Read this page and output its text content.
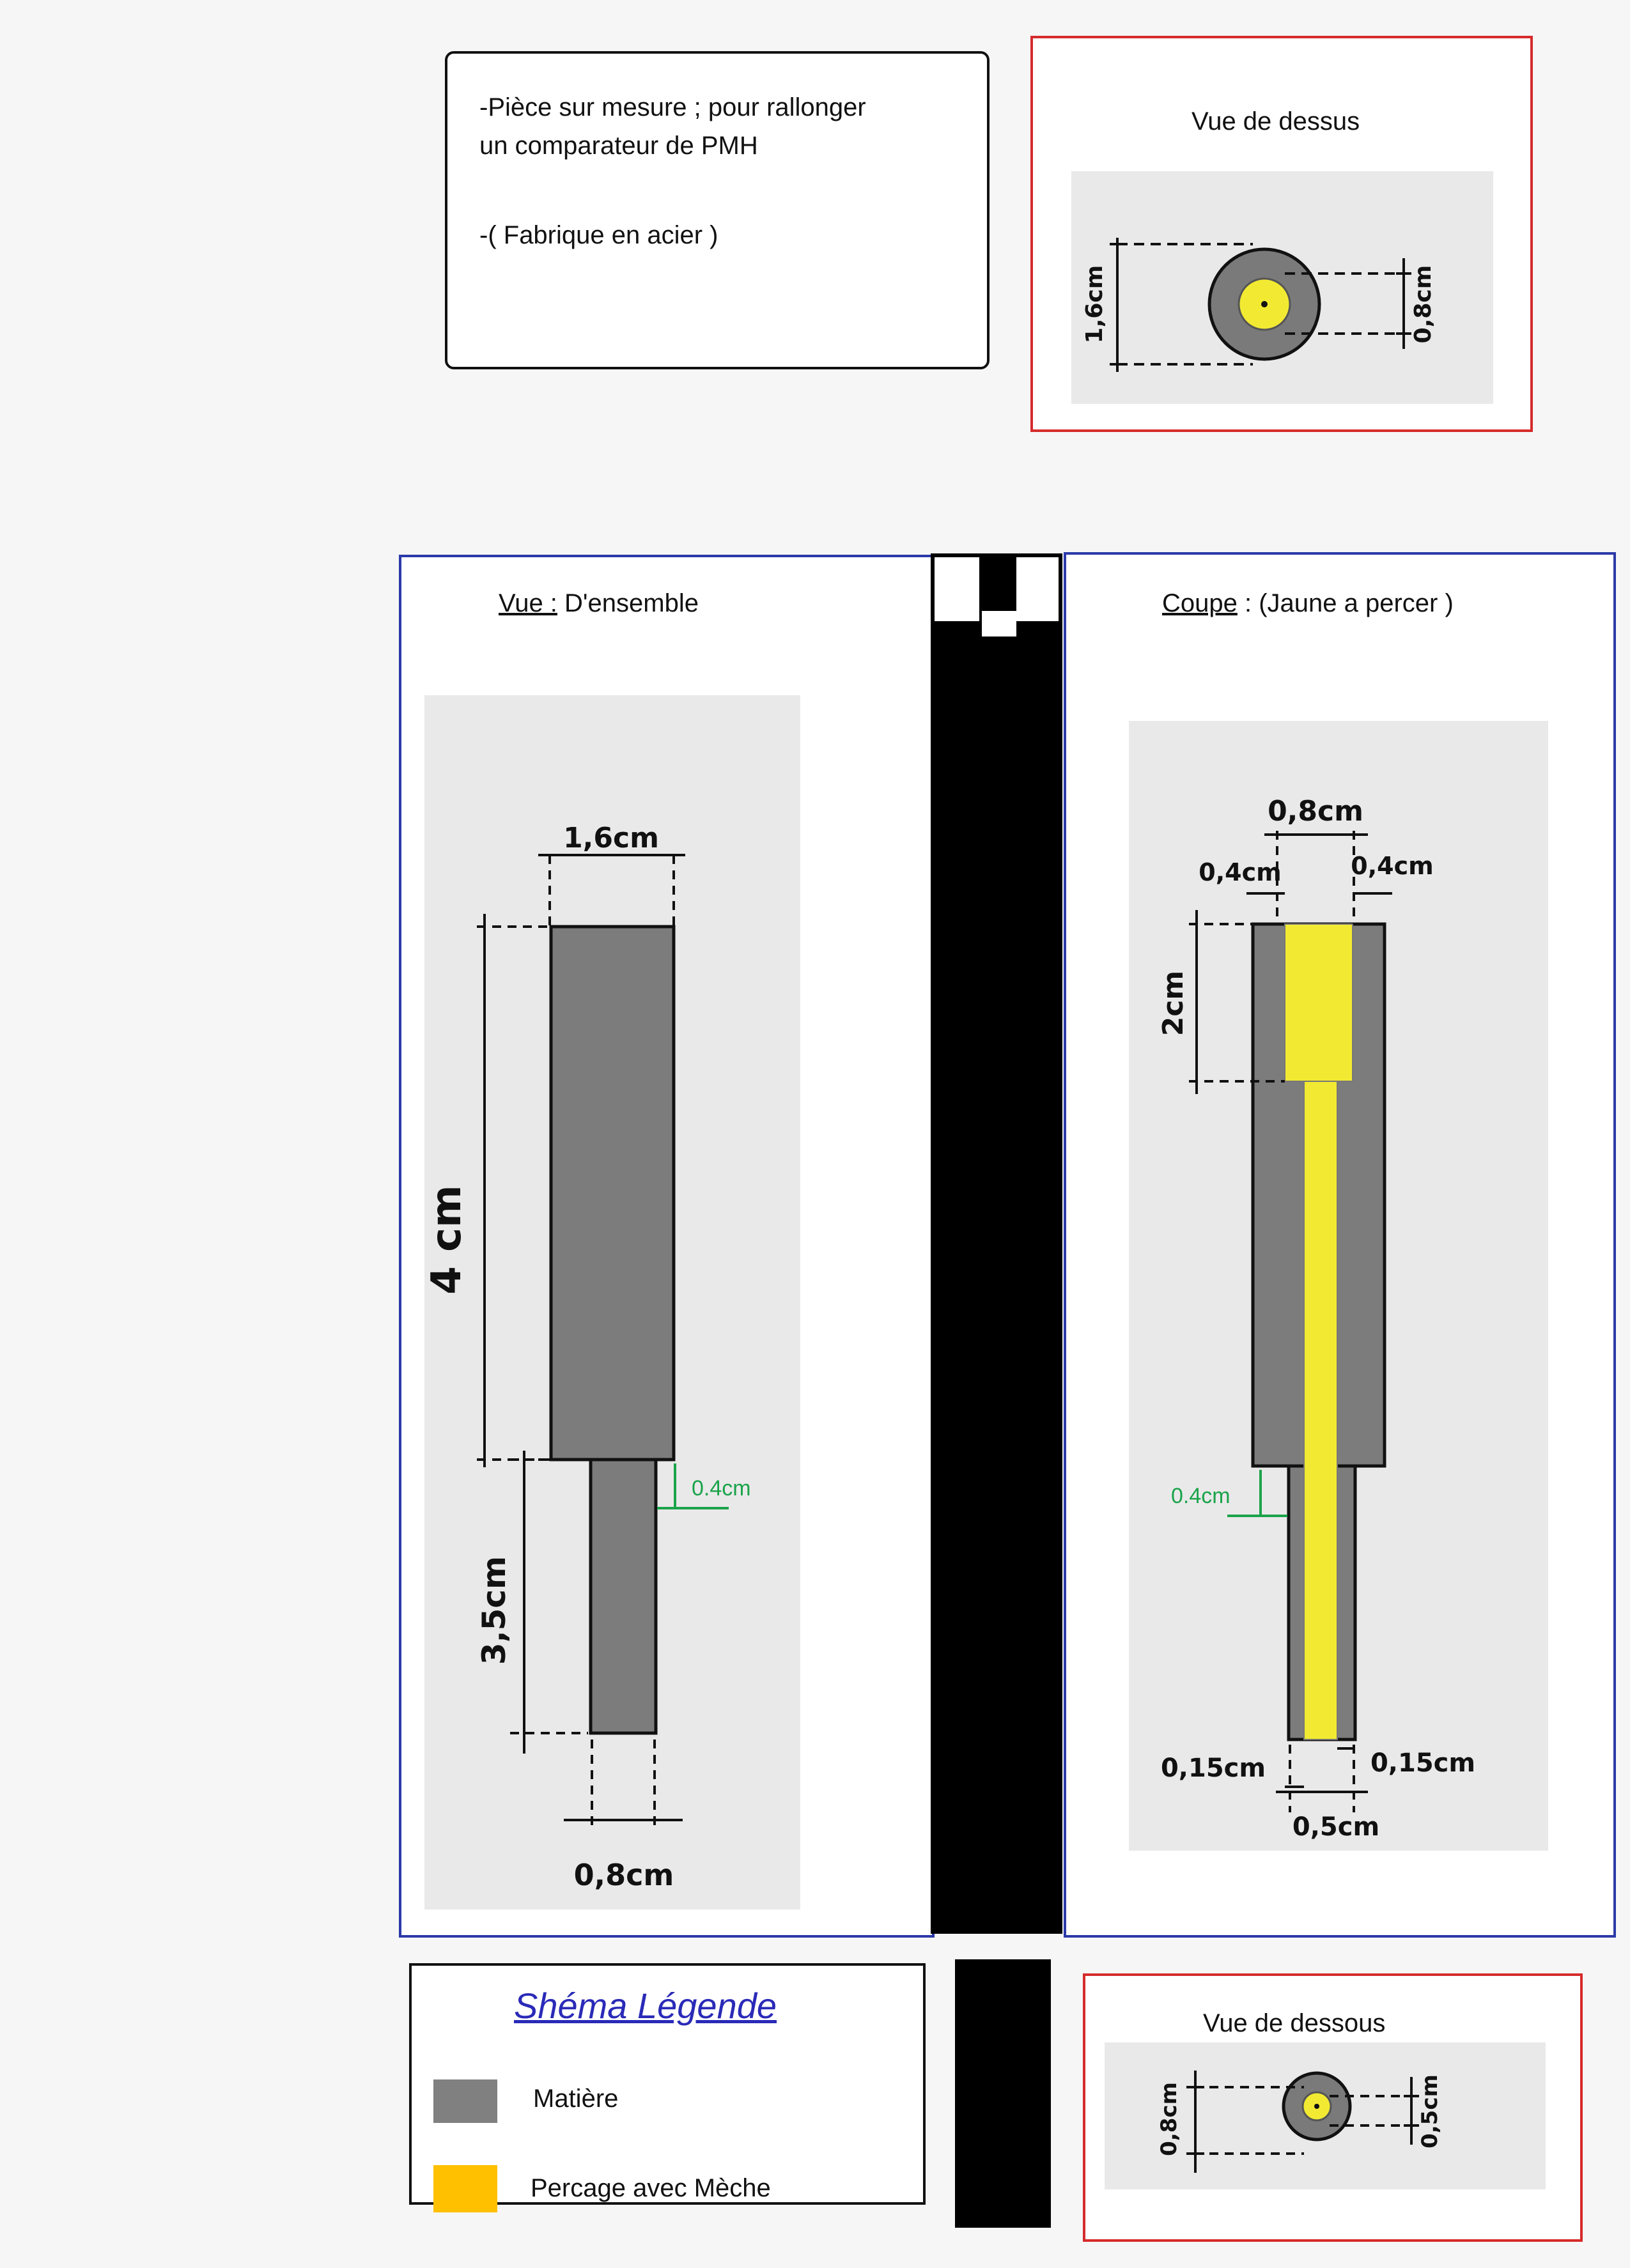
-Pièce sur mesure ; pour rallonger
un comparateur de PMH
-( Fabrique en acier )
Vue de dessus
1,6cm	0,8cm
Vue : D'ensemble
1,6cm
4 cm
3,5cm
0.4cm
0,8cm
Coupe : (Jaune a percer )
0,8cm
0,4cm	0,4cm
2cm
0.4cm
0,15cm	0,15cm
0,5cm
Shéma Légende
Matière
Percage avec Mèche
Vue de dessous
0,8cm	0,5cm
